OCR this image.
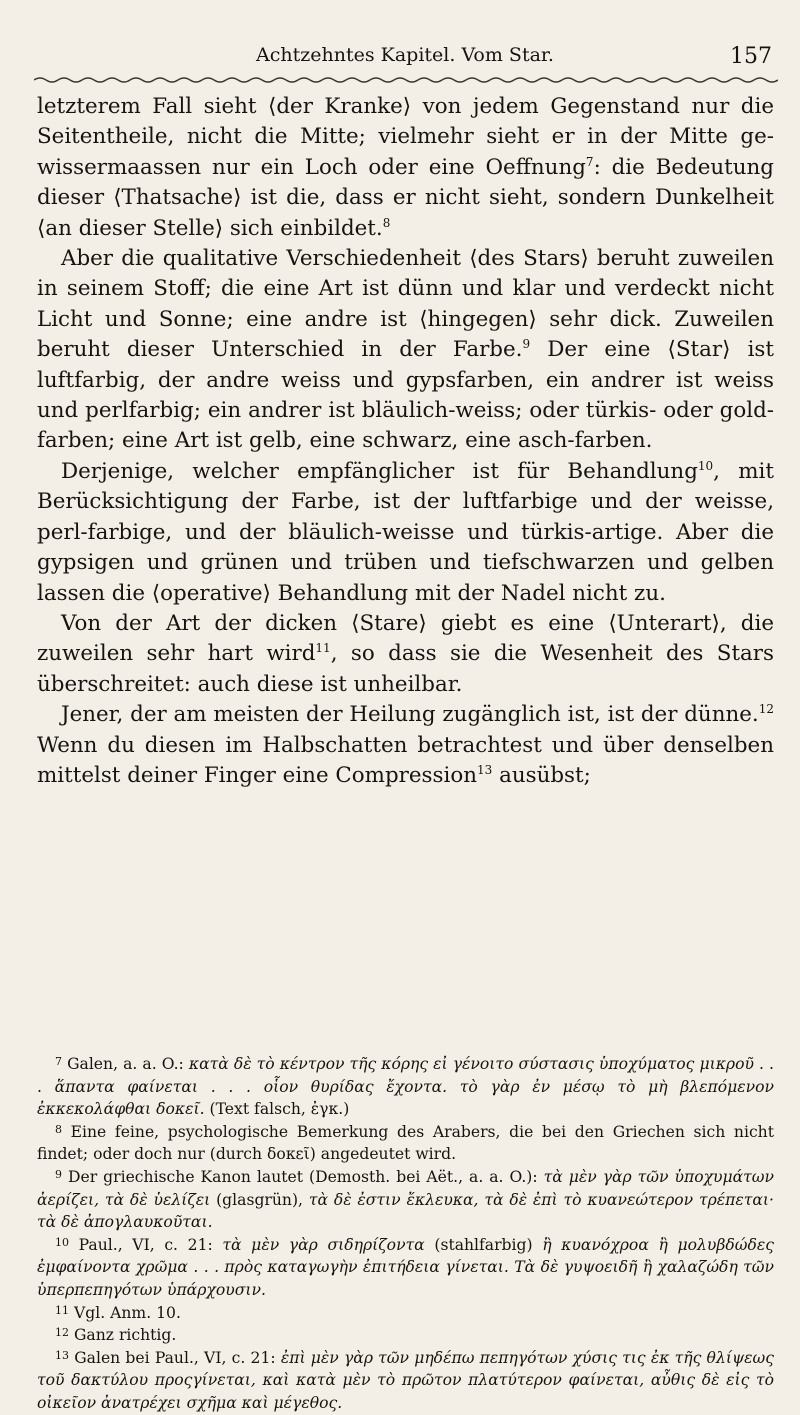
Achtzehntes Kapitel. Vom Star.	157

letzterem Fall sieht ⟨der Kranke⟩ von jedem Gegenstand nur die Seitentheile, nicht die Mitte; vielmehr sieht er in der Mitte gewissermaassen nur ein Loch oder eine Oeffnung$^7$: die Bedeutung dieser ⟨Thatsache⟩ ist die, dass er nicht sieht, sondern Dunkelheit ⟨an dieser Stelle⟩ sich einbildet.$^8$

Aber die qualitative Verschiedenheit ⟨des Stars⟩ beruht zuweilen in seinem Stoff; die eine Art ist dünn und klar und verdeckt nicht Licht und Sonne; eine andre ist ⟨hingegen⟩ sehr dick. Zuweilen beruht dieser Unterschied in der Farbe.$^9$ Der eine ⟨Star⟩ ist luftfarbig, der andre weiss und gypsfarben, ein andrer ist weiss und perlfarbig; ein andrer ist bläulich-weiss; oder türkis- oder gold-farben; eine Art ist gelb, eine schwarz, eine asch-farben.

Derjenige, welcher empfänglicher ist für Behandlung$^{10}$, mit Berücksichtigung der Farbe, ist der luftfarbige und der weisse, perl-farbige, und der bläulich-weisse und türkis-artige. Aber die gypsigen und grünen und trüben und tiefschwarzen und gelben lassen die ⟨operative⟩ Behandlung mit der Nadel nicht zu.

Von der Art der dicken ⟨Stare⟩ giebt es eine ⟨Unterart⟩, die zuweilen sehr hart wird$^{11}$, so dass sie die Wesenheit des Stars überschreitet: auch diese ist unheilbar.

Jener, der am meisten der Heilung zugänglich ist, ist der dünne.$^{12}$ Wenn du diesen im Halbschatten betrachtest und über denselben mittelst deiner Finger eine Compression$^{13}$ ausübst;

$^7$ Galen, a. a. O.: κατὰ δὲ τὸ κέντρον τῆς κόρης εἰ γένοιτο σύστασις ὑποχύματος μικροῦ . . . ἅπαντα φαίνεται . . . οἷον θυρίδας ἔχοντα. τὸ γὰρ ἐν μέσῳ τὸ μὴ βλεπόμενον ἐκκεκολάφθαι δοκεῖ. (Text falsch, ἐγκ.)

$^8$ Eine feine, psychologische Bemerkung des Arabers, die bei den Griechen sich nicht findet; oder doch nur (durch δοκεῖ) angedeutet wird.

$^9$ Der griechische Kanon lautet (Demosth. bei Aët., a. a. O.): τὰ μὲν γὰρ τῶν ὑποχυμάτων ἀερίζει, τὰ δὲ ὑελίζει (glasgrün), τὰ δὲ ἐστιν ἔκλευκα, τὰ δὲ ἐπὶ τὸ κυανεώτερον τρέπεται· τὰ δὲ ἀπογλαυκοῦται.

$^{10}$ Paul., VI, c. 21: τὰ μὲν γὰρ σιδηρίζοντα (stahlfarbig) ἢ κυανόχροα ἢ μολυβδώδες ἐμφαίνοντα χρῶμα . . . πρὸς καταγωγὴν ἐπιτήδεια γίνεται. Τὰ δὲ γυψοειδῆ ἢ χαλαζώδη τῶν ὑπερπεπηγότων ὑπάρχουσιν.

$^{11}$ Vgl. Anm. 10.

$^{12}$ Ganz richtig.

$^{13}$ Galen bei Paul., VI, c. 21: ἐπὶ μὲν γὰρ τῶν μηδέπω πεπηγότων χύσις τις ἐκ τῆς θλίψεως τοῦ δακτύλου προςγίνεται, καὶ κατὰ μὲν τὸ πρῶτον πλατύτερον φαίνεται, αὖθις δὲ εἰς τὸ οἰκεῖον ἀνατρέχει σχῆμα καὶ μέγεθος.
